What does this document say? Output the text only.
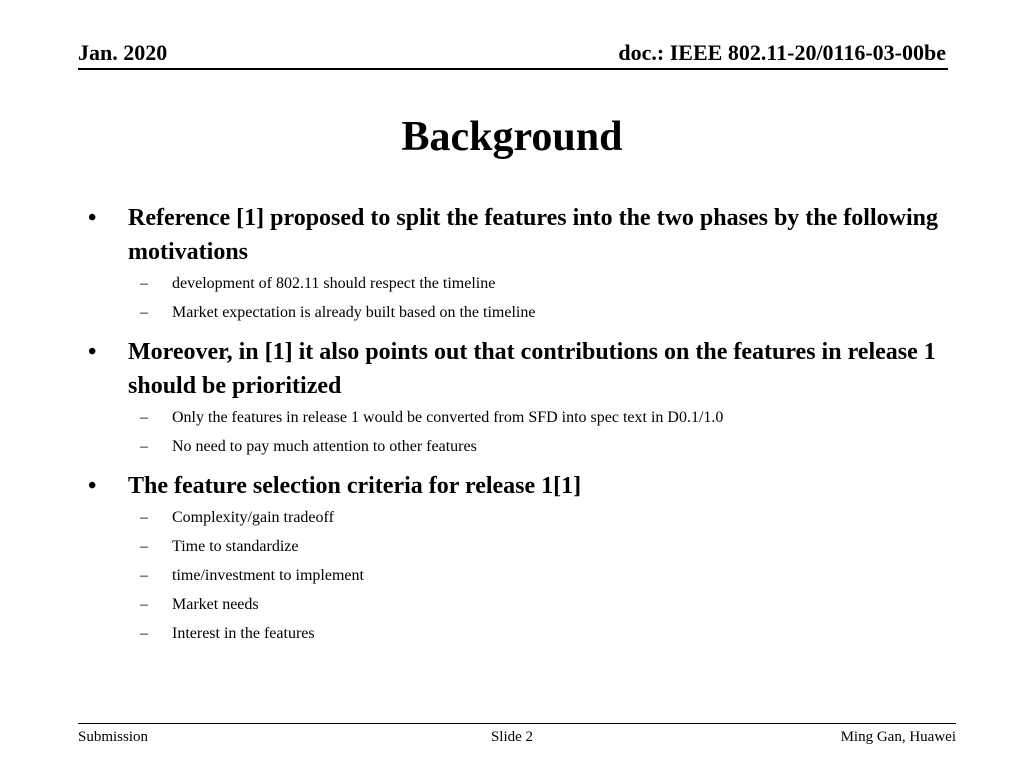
Jan. 2020	doc.: IEEE 802.11-20/0116-03-00be
Background
• Reference [1] proposed to split the features into the two phases by the following motivations
– development of 802.11 should respect the timeline
– Market expectation is already built based on the timeline
• Moreover, in [1] it also points out that contributions on the features in release 1 should be prioritized
– Only the features in release 1 would be converted from SFD into spec text in D0.1/1.0
– No need to pay much attention to other features
• The feature selection criteria for release 1[1]
– Complexity/gain tradeoff
– Time to standardize
– time/investment to implement
– Market needs
– Interest in the features
Submission	Slide 2	Ming Gan, Huawei
